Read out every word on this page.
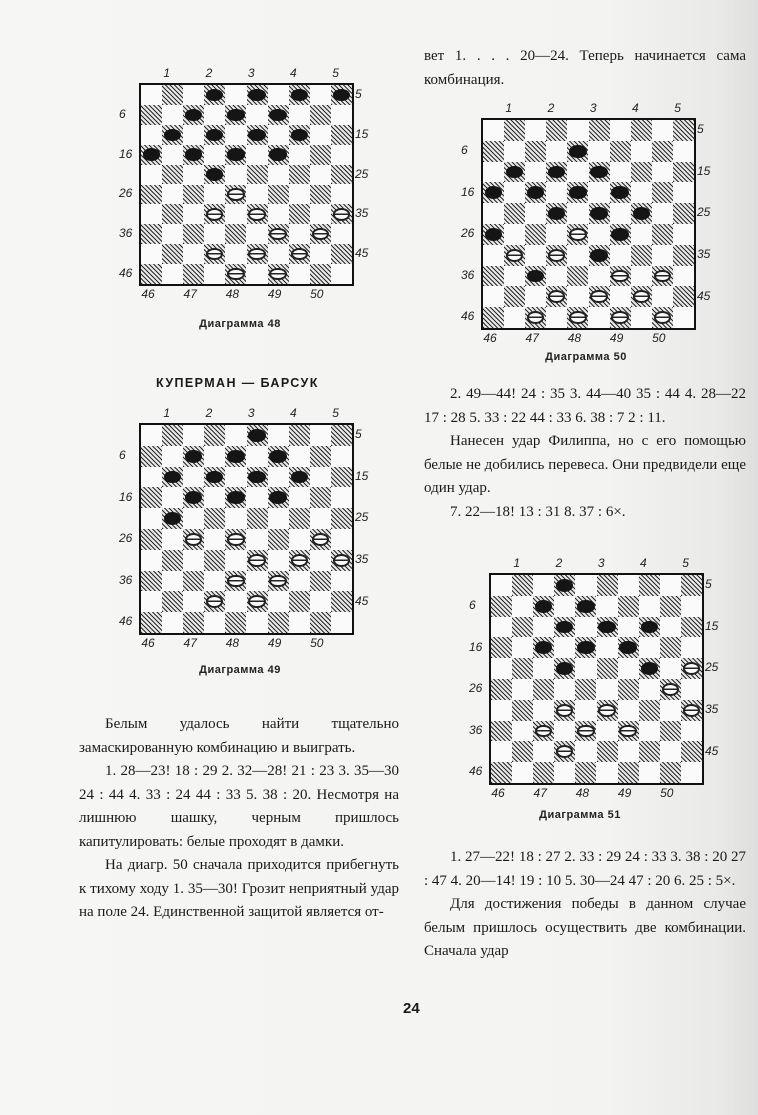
1	2	3	4	5
46 47 48 49 50
6
16
26
36
46
5
15
25
35
45
Диаграмма 48
КУПЕРМАН — БАРСУК
1	2	3	4	5
46 47 48 49 50
6
16
26
36
46
5
15
25
35
45
Диаграмма 49
1	2	3	4	5
46 47 48 49 50
6
16
26
36
46
5
15
25
35
45
Диаграмма 50
1	2	3	4	5
46 47 48 49 50
6
16
26
36
46
5
15
25
35
45
Диаграмма 51

Белым удалось найти тщательно замаскированную комбинацию и выиграть.

1. 28—23! 18 : 29 2. 32—28! 21 : 23 3. 35—30 24 : 44 4. 33 : 24 44 : 33 5. 38 : 20. Несмотря на лишнюю шашку, черным пришлось капитулировать: белые проходят в дамки.

На диагр. 50 сначала приходится прибегнуть к тихому ходу 1. 35—30! Грозит неприятный удар на поле 24. Единственной защитой является от-

вет 1. . . . 20—24. Теперь начинается сама комбинация.

2. 49—44! 24 : 35 3. 44—40 35 : 44 4. 28—22 17 : 28 5. 33 : 22 44 : 33 6. 38 : 7 2 : 11.

Нанесен удар Филиппа, но с его помощью белые не добились перевеса. Они предвидели еще один удар.

7. 22—18! 13 : 31 8. 37 : 6×.

1. 27—22! 18 : 27 2. 33 : 29 24 : 33 3. 38 : 20 27 : 47 4. 20—14! 19 : 10 5. 30—24 47 : 20 6. 25 : 5×.

Для достижения победы в данном случае белым пришлось осуществить две комбинации. Сначала удар

24
